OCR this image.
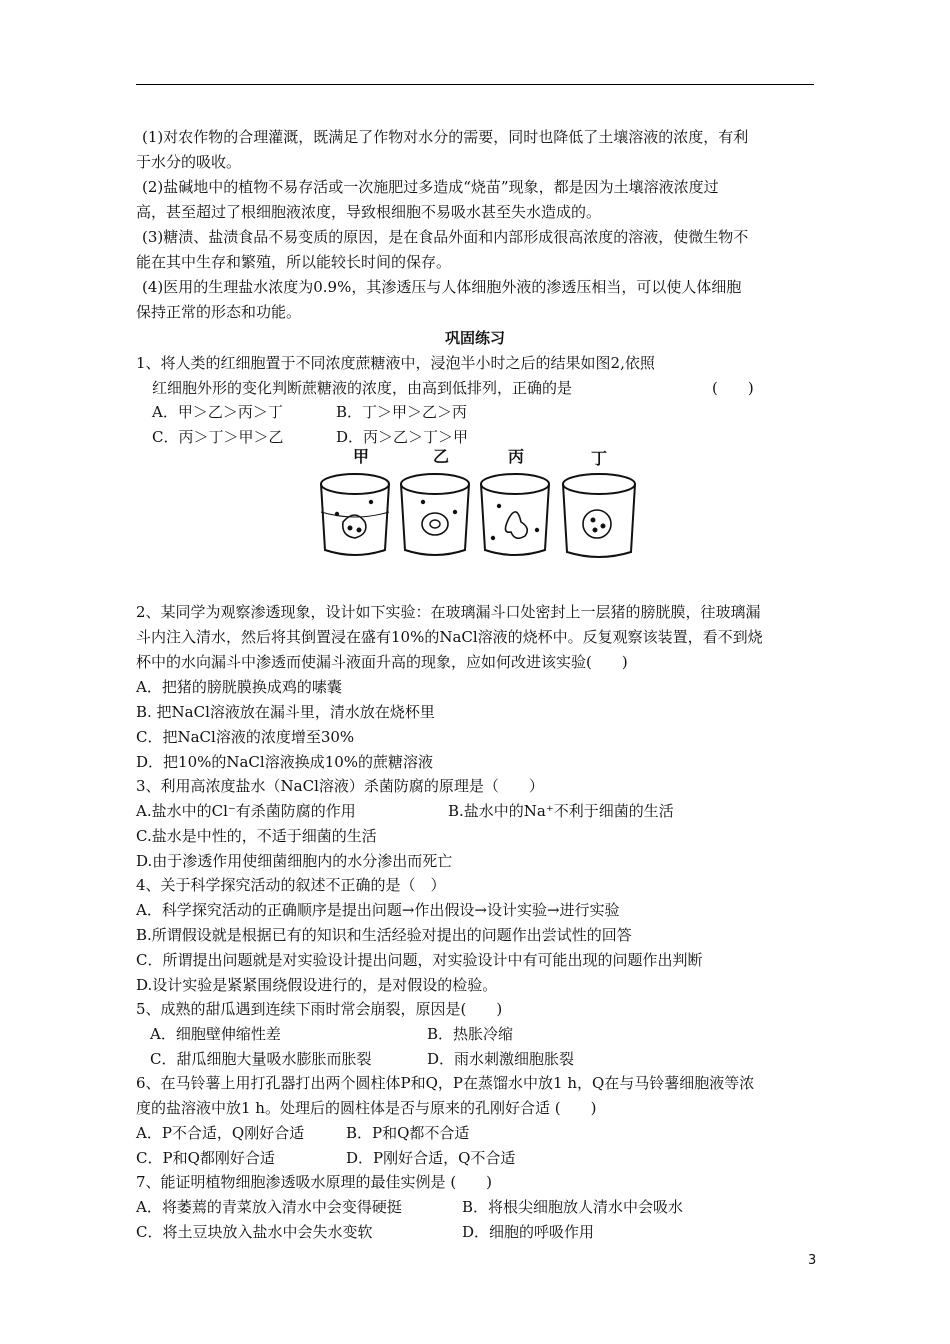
(1)对农作物的合理灌溉，既满足了作物对水分的需要，同时也降低了土壤溶液的浓度，有利
于水分的吸收。
(2)盐碱地中的植物不易存活或一次施肥过多造成“烧苗”现象，都是因为土壤溶液浓度过
高，甚至超过了根细胞液浓度，导致根细胞不易吸水甚至失水造成的。
(3)糖渍、盐渍食品不易变质的原因，是在食品外面和内部形成很高浓度的溶液，使微生物不
能在其中生存和繁殖，所以能较长时间的保存。
(4)医用的生理盐水浓度为0.9%，其渗透压与人体细胞外液的渗透压相当，可以使人体细胞
保持正常的形态和功能。
巩固练习
1、将人类的红细胞置于不同浓度蔗糖液中，浸泡半小时之后的结果如图2,依照
红细胞外形的变化判断蔗糖液的浓度，由高到低排列，正确的是	(　　)
A．甲＞乙＞丙＞丁	B．丁＞甲＞乙＞丙
C．丙＞丁＞甲＞乙	D．丙＞乙＞丁＞甲
甲	乙	丙	丁
2、某同学为观察渗透现象，设计如下实验：在玻璃漏斗口处密封上一层猪的膀胱膜，往玻璃漏
斗内注入清水，然后将其倒置浸在盛有10%的NaCl溶液的烧杯中。反复观察该装置，看不到烧
杯中的水向漏斗中渗透而使漏斗液面升高的现象，应如何改进该实验(　　)
A．把猪的膀胱膜换成鸡的嗉囊
B. 把NaCl溶液放在漏斗里，清水放在烧杯里
C．把NaCl溶液的浓度增至30%
D．把10%的NaCl溶液换成10%的蔗糖溶液
3、利用高浓度盐水（NaCl溶液）杀菌防腐的原理是（　　）
A.盐水中的Cl⁻有杀菌防腐的作用	B.盐水中的Na⁺不利于细菌的生活
C.盐水是中性的，不适于细菌的生活
D.由于渗透作用使细菌细胞内的水分渗出而死亡
4、关于科学探究活动的叙述不正确的是（　）
A．科学探究活动的正确顺序是提出问题→作出假设→设计实验→进行实验
B.所谓假设就是根据已有的知识和生活经验对提出的问题作出尝试性的回答
C．所谓提出问题就是对实验设计提出问题，对实验设计中有可能出现的问题作出判断
D.设计实验是紧紧围绕假设进行的，是对假设的检验。
5、成熟的甜瓜遇到连续下雨时常会崩裂，原因是(　　)
A．细胞壁伸缩性差	B．热胀冷缩
C．甜瓜细胞大量吸水膨胀而胀裂	D．雨水刺激细胞胀裂
6、在马铃薯上用打孔器打出两个圆柱体P和Q，P在蒸馏水中放1 h，Q在与马铃薯细胞液等浓
度的盐溶液中放1 h。处理后的圆柱体是否与原来的孔刚好合适 (　　)
A．P不合适，Q刚好合适	B．P和Q都不合适
C．P和Q都刚好合适	D．P刚好合适，Q不合适
7、能证明植物细胞渗透吸水原理的最佳实例是 (　　)
A．将萎蔫的青菜放入清水中会变得硬挺	B．将根尖细胞放人清水中会吸水
C．将土豆块放入盐水中会失水变软	D．细胞的呼吸作用
3
